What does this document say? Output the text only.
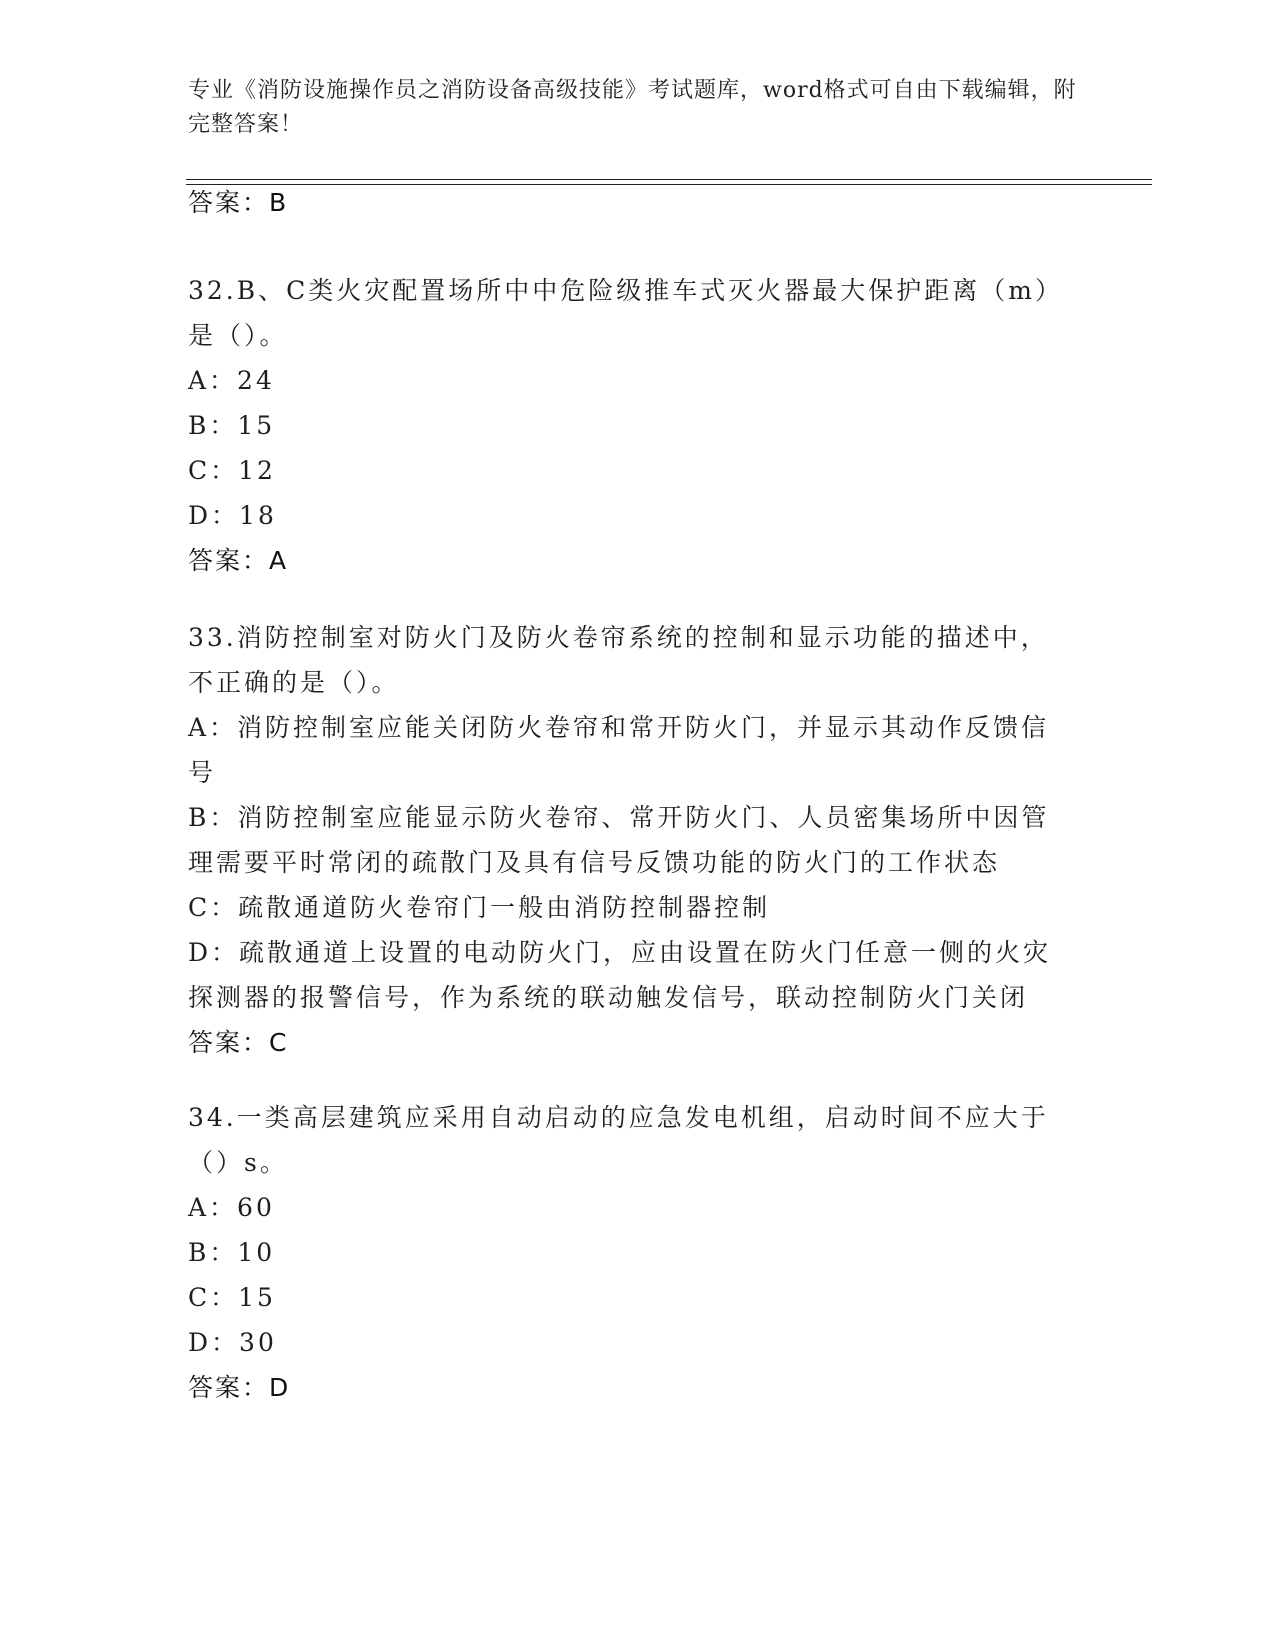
专业《消防设施操作员之消防设备高级技能》考试题库，word格式可自由下载编辑，附完整答案！
答案：B
32.B、C类火灾配置场所中中危险级推车式灭火器最大保护距离（m）
是（）。
A：24
B：15
C：12
D：18
答案：A
33.消防控制室对防火门及防火卷帘系统的控制和显示功能的描述中，
不正确的是（）。
A：消防控制室应能关闭防火卷帘和常开防火门，并显示其动作反馈信
号
B：消防控制室应能显示防火卷帘、常开防火门、人员密集场所中因管
理需要平时常闭的疏散门及具有信号反馈功能的防火门的工作状态
C：疏散通道防火卷帘门一般由消防控制器控制
D：疏散通道上设置的电动防火门，应由设置在防火门任意一侧的火灾
探测器的报警信号，作为系统的联动触发信号，联动控制防火门关闭
答案：C
34.一类高层建筑应采用自动启动的应急发电机组，启动时间不应大于
（）s。
A：60
B：10
C：15
D：30
答案：D
